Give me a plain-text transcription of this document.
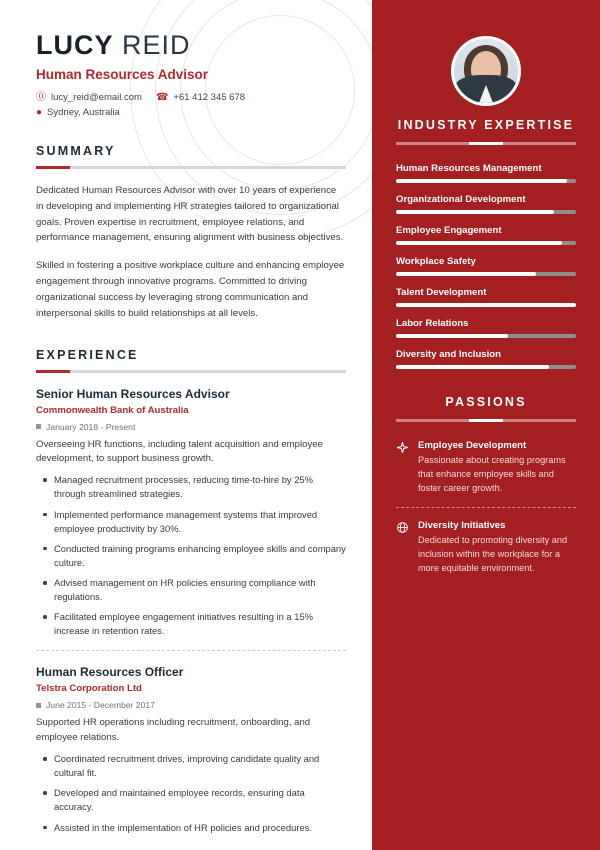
LUCY REID
Human Resources Advisor
⓪ lucy_reid@email.com ☎ +61 412 345 678
● Sydney, Australia
SUMMARY
Dedicated Human Resources Advisor with over 10 years of experience in developing and implementing HR strategies tailored to organizational goals. Proven expertise in recruitment, employee relations, and performance management, ensuring alignment with business objectives.
Skilled in fostering a positive workplace culture and enhancing employee engagement through innovative programs. Committed to driving organizational success by leveraging strong communication and interpersonal skills to build relationships at all levels.
EXPERIENCE
Senior Human Resources Advisor
Commonwealth Bank of Australia
January 2018 - Present
Overseeing HR functions, including talent acquisition and employee development, to support business growth.
Managed recruitment processes, reducing time-to-hire by 25% through streamlined strategies.
Implemented performance management systems that improved employee productivity by 30%.
Conducted training programs enhancing employee skills and company culture.
Advised management on HR policies ensuring compliance with regulations.
Facilitated employee engagement initiatives resulting in a 15% increase in retention rates.
Human Resources Officer
Telstra Corporation Ltd
June 2015 - December 2017
Supported HR operations including recruitment, onboarding, and employee relations.
Coordinated recruitment drives, improving candidate quality and cultural fit.
Developed and maintained employee records, ensuring data accuracy.
Assisted in the implementation of HR policies and procedures.
INDUSTRY EXPERTISE
Human Resources Management
Organizational Development
Employee Engagement
Workplace Safety
Talent Development
Labor Relations
Diversity and Inclusion
PASSIONS
Employee Development
Passionate about creating programs that enhance employee skills and foster career growth.
Diversity Initiatives
Dedicated to promoting diversity and inclusion within the workplace for a more equitable environment.
